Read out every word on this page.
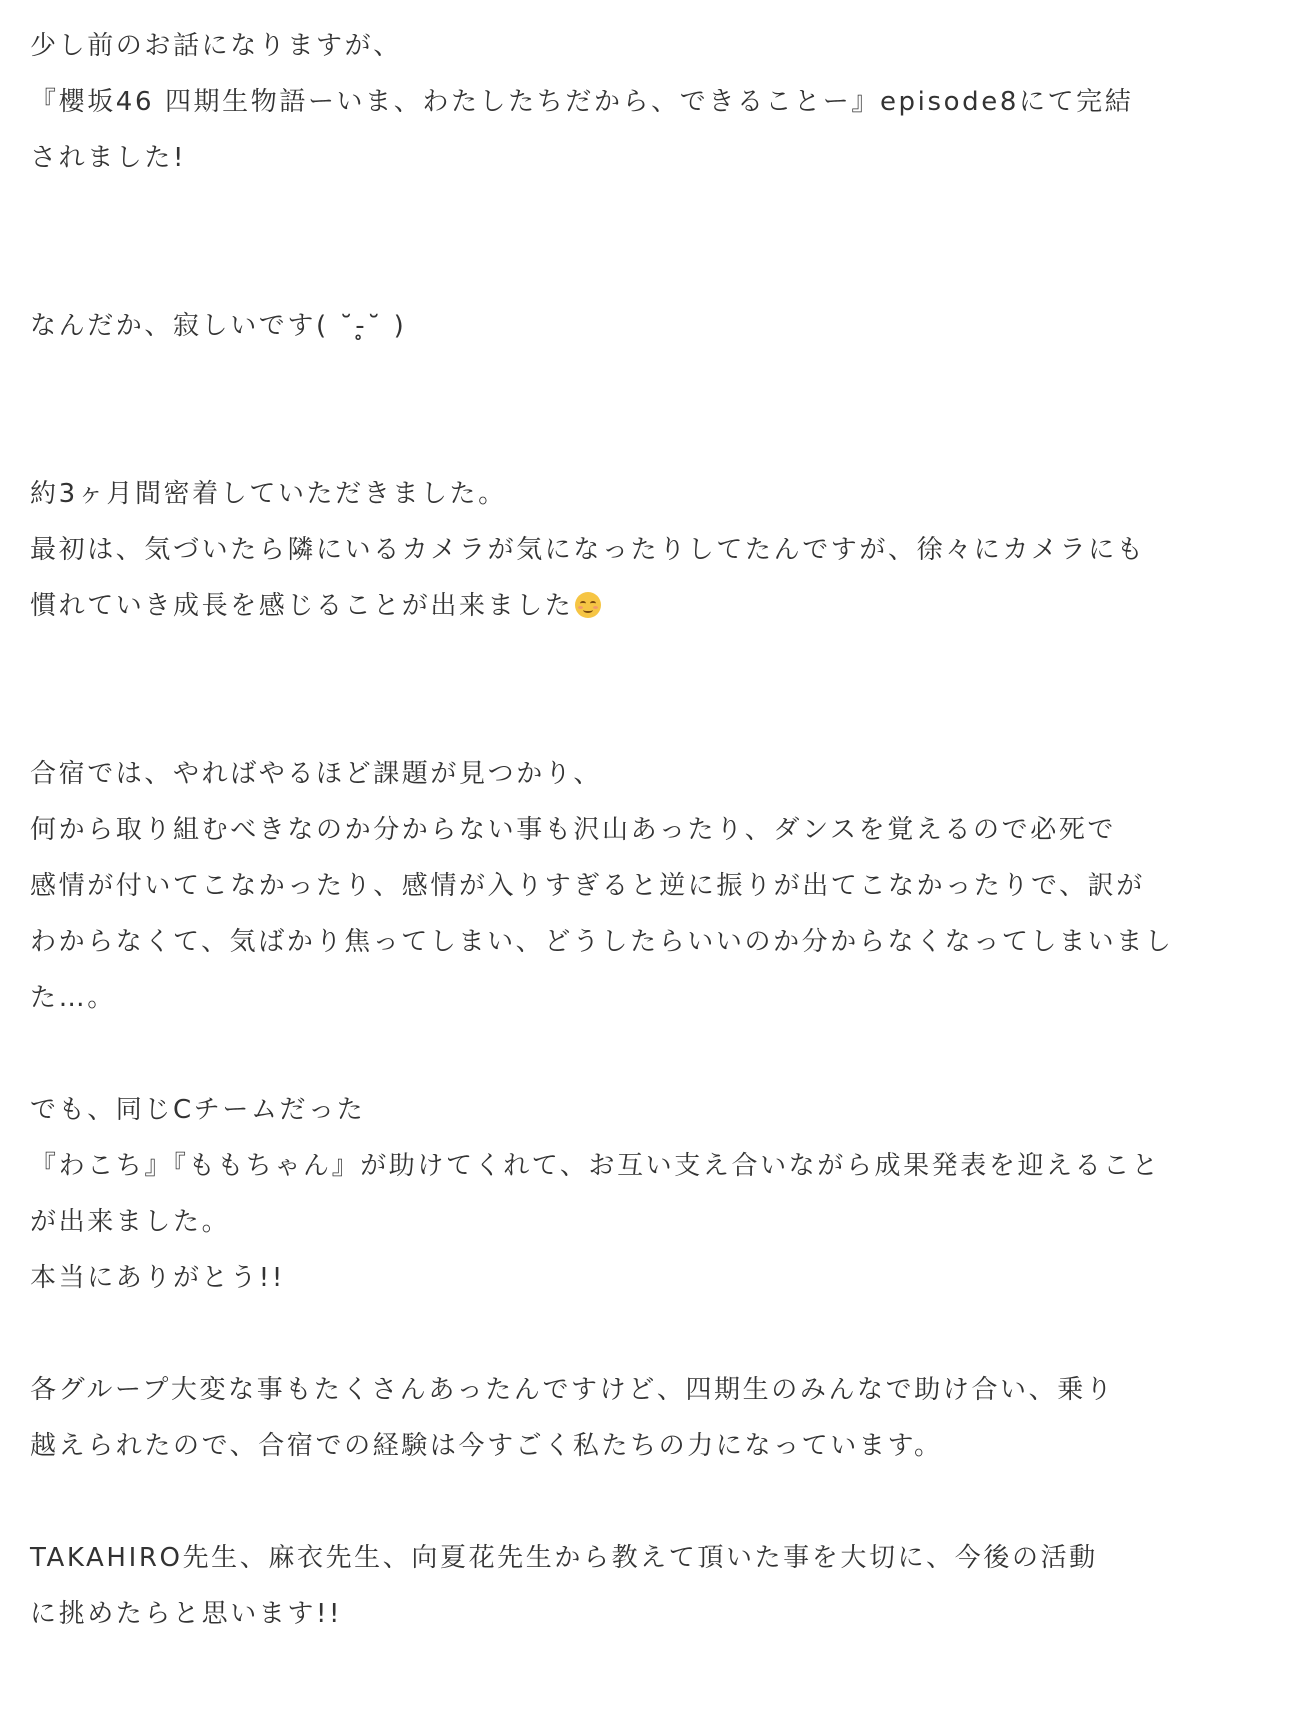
少し前のお話になりますが、
『櫻坂46 四期生物語ーいま、わたしたちだから、できることー』episode8にて完結
されました!
なんだか、寂しいです( ˘-̥˘ )
約3ヶ月間密着していただきました。
最初は、気づいたら隣にいるカメラが気になったりしてたんですが、徐々にカメラにも
慣れていき成長を感じることが出来ました
合宿では、やればやるほど課題が見つかり、
何から取り組むべきなのか分からない事も沢山あったり、ダンスを覚えるので必死で
感情が付いてこなかったり、感情が入りすぎると逆に振りが出てこなかったりで、訳が
わからなくて、気ばかり焦ってしまい、どうしたらいいのか分からなくなってしまいまし
た…。
でも、同じCチームだった
『わこち』『ももちゃん』が助けてくれて、お互い支え合いながら成果発表を迎えること
が出来ました。
本当にありがとう!!
各グループ大変な事もたくさんあったんですけど、四期生のみんなで助け合い、乗り
越えられたので、合宿での経験は今すごく私たちの力になっています。
TAKAHIRO先生、麻衣先生、向夏花先生から教えて頂いた事を大切に、今後の活動
に挑めたらと思います!!
